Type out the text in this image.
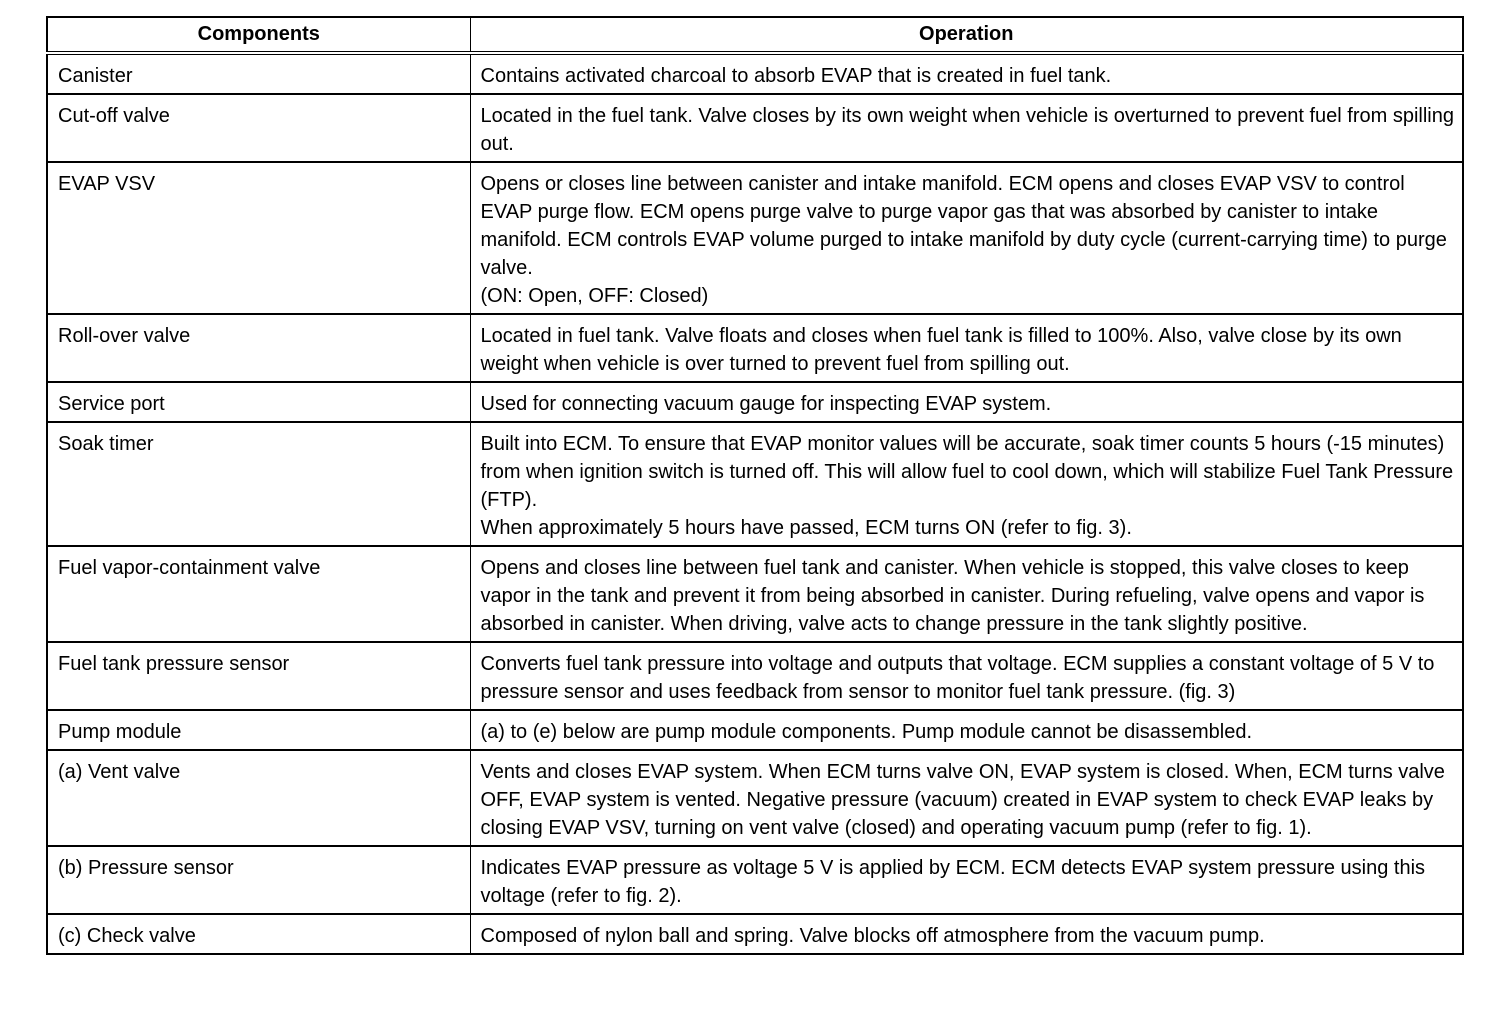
Components	Operation
Canister	Contains activated charcoal to absorb EVAP that is created in fuel tank.
Cut-off valve	Located in the fuel tank. Valve closes by its own weight when vehicle is overturned to prevent fuel from spilling out.
EVAP VSV	Opens or closes line between canister and intake manifold. ECM opens and closes EVAP VSV to control EVAP purge flow. ECM opens purge valve to purge vapor gas that was absorbed by canister to intake manifold. ECM controls EVAP volume purged to intake manifold by duty cycle (current-carrying time) to purge valve.
(ON: Open, OFF: Closed)
Roll-over valve	Located in fuel tank. Valve floats and closes when fuel tank is filled to 100%. Also, valve close by its own weight when vehicle is over turned to prevent fuel from spilling out.
Service port	Used for connecting vacuum gauge for inspecting EVAP system.
Soak timer	Built into ECM. To ensure that EVAP monitor values will be accurate, soak timer counts 5 hours (-15 minutes) from when ignition switch is turned off. This will allow fuel to cool down, which will stabilize Fuel Tank Pressure (FTP).
When approximately 5 hours have passed, ECM turns ON (refer to fig. 3).
Fuel vapor-containment valve	Opens and closes line between fuel tank and canister. When vehicle is stopped, this valve closes to keep vapor in the tank and prevent it from being absorbed in canister. During refueling, valve opens and vapor is absorbed in canister. When driving, valve acts to change pressure in the tank slightly positive.
Fuel tank pressure sensor	Converts fuel tank pressure into voltage and outputs that voltage. ECM supplies a constant voltage of 5 V to pressure sensor and uses feedback from sensor to monitor fuel tank pressure. (fig. 3)
Pump module	(a) to (e) below are pump module components. Pump module cannot be disassembled.
(a) Vent valve	Vents and closes EVAP system. When ECM turns valve ON, EVAP system is closed. When, ECM turns valve OFF, EVAP system is vented. Negative pressure (vacuum) created in EVAP system to check EVAP leaks by closing EVAP VSV, turning on vent valve (closed) and operating vacuum pump (refer to fig. 1).
(b) Pressure sensor	Indicates EVAP pressure as voltage 5 V is applied by ECM. ECM detects EVAP system pressure using this voltage (refer to fig. 2).
(c) Check valve	Composed of nylon ball and spring. Valve blocks off atmosphere from the vacuum pump.
